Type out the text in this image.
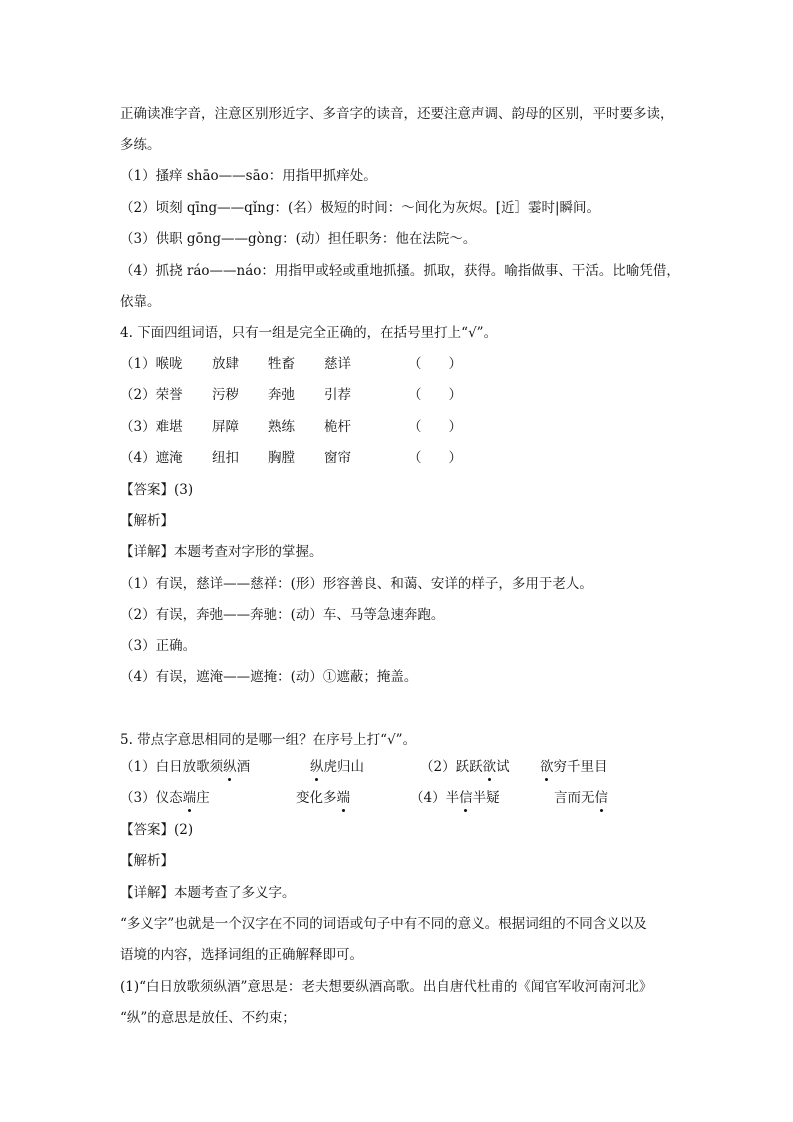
正确读准字音，注意区别形近字、多音字的读音，还要注意声调、韵母的区别，平时要多读，
多练。
（1）搔痒 shāo——sāo：用指甲抓痒处。
（2）顷刻 qīng——qǐng：(名）极短的时间：～间化为灰烬。[近］霎时|瞬间。
（3）供职 gōng——gòng：(动）担任职务：他在法院～。
（4）抓挠 ráo——náo：用指甲或轻或重地抓搔。抓取，获得。喻指做事、干活。比喻凭借，
依靠。
4. 下面四组词语，只有一组是完全正确的，在括号里打上“√”。
（1）喉咙 放肆 牲畜 慈详	（　　）
（2）荣誉 污秽 奔弛 引荐	（　　）
（3）难堪 屏障 熟练 桅杆	（　　）
（4）遮淹 纽扣 胸膛 窗帘	（　　）
【答案】(3)
【解析】
【详解】本题考查对字形的掌握。
（1）有误，慈详——慈祥：(形）形容善良、和蔼、安详的样子，多用于老人。
（2）有误，奔弛——奔驰：(动）车、马等急速奔跑。
（3）正确。
（4）有误，遮淹——遮掩：(动）①遮蔽；掩盖。
5. 带点字意思相同的是哪一组？在序号上打“√”。
（1）白日放歌须纵酒	纵虎归山	（2）跃跃欲试 欲穷千里目
（3）仪态端庄	变化多端	（4）半信半疑	言而无信
【答案】(2)
【解析】
【详解】本题考查了多义字。
“多义字”也就是一个汉字在不同的词语或句子中有不同的意义。根据词组的不同含义以及
语境的内容，选择词组的正确解释即可。
(1)“白日放歌须纵酒”意思是：老夫想要纵酒高歌。出自唐代杜甫的《闻官军收河南河北》
“纵”的意思是放任、不约束；
